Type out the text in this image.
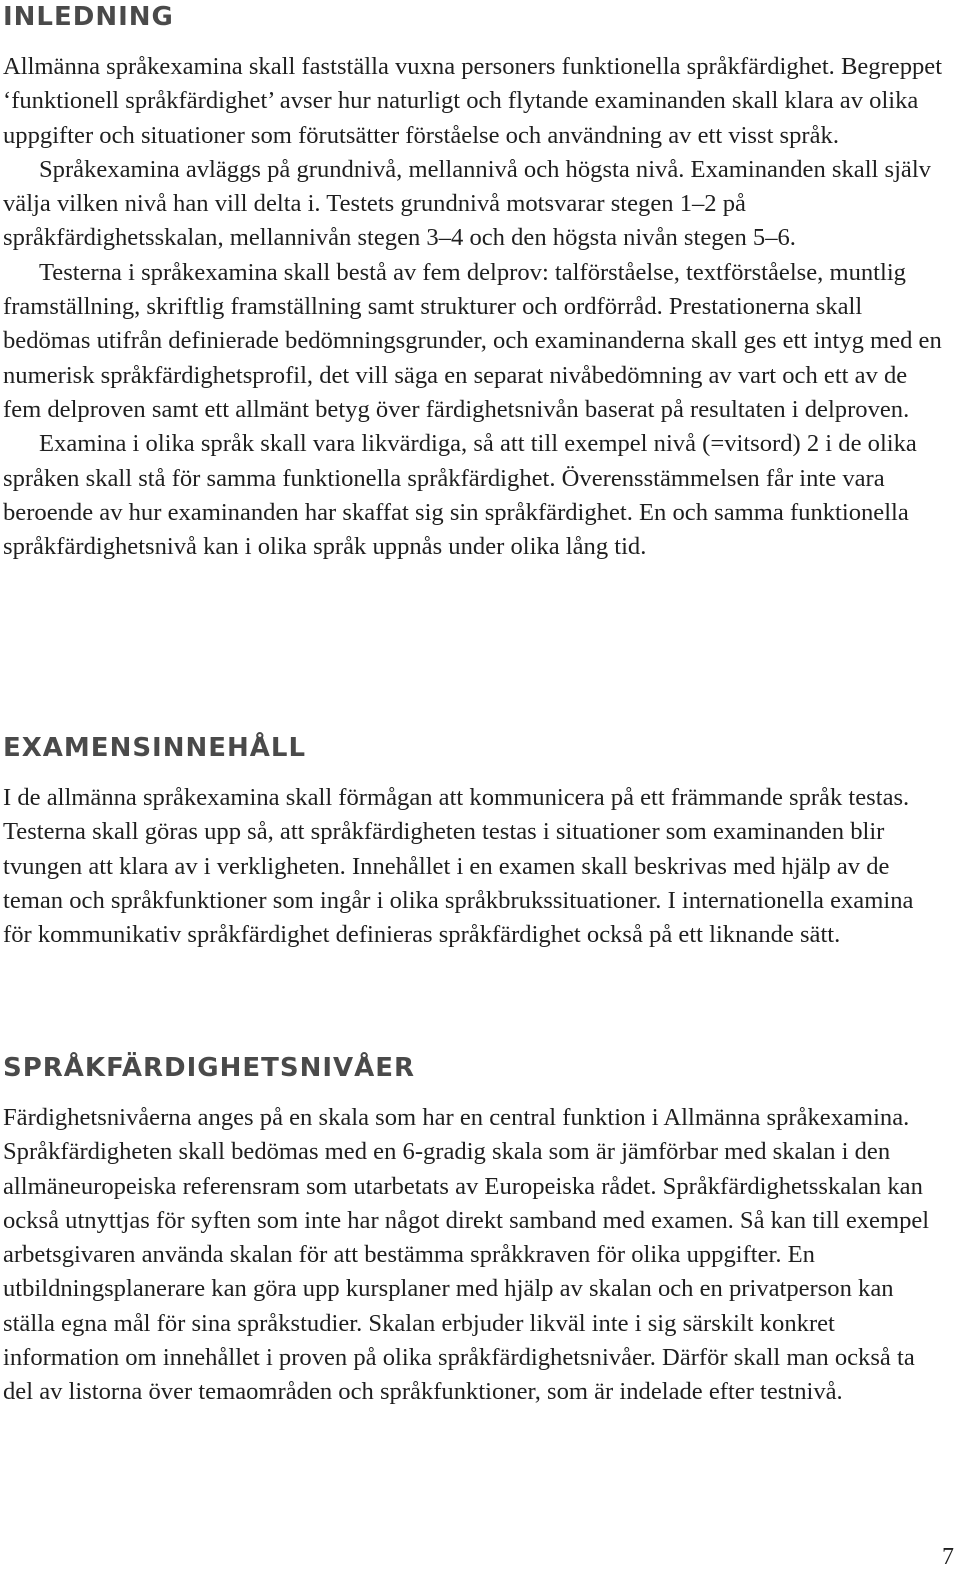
INLEDNING

Allmänna språkexamina skall fastställa vuxna personers funktionella språkfärdighet. Begreppet ‘funktionell språkfärdighet’ avser hur naturligt och flytande examinanden skall klara av olika uppgifter och situationer som förutsätter förståelse och användning av ett visst språk.

Språkexamina avläggs på grundnivå, mellannivå och högsta nivå. Examinanden skall själv välja vilken nivå han vill delta i. Testets grundnivå motsvarar stegen 1–2 på språkfärdighetsskalan, mellannivån stegen 3–4 och den högsta nivån stegen 5–6.

Testerna i språkexamina skall bestå av fem delprov: talförståelse, textförståelse, muntlig framställning, skriftlig framställning samt strukturer och ordförråd. Prestationerna skall bedömas utifrån definierade bedömningsgrunder, och examinanderna skall ges ett intyg med en numerisk språkfärdighetsprofil, det vill säga en separat nivåbedömning av vart och ett av de fem delproven samt ett allmänt betyg över färdighetsnivån baserat på resultaten i delproven.

Examina i olika språk skall vara likvärdiga, så att till exempel nivå (=vitsord) 2 i de olika språken skall stå för samma funktionella språkfärdighet. Överensstämmelsen får inte vara beroende av hur examinanden har skaffat sig sin språkfärdighet. En och samma funktionella språkfärdighetsnivå kan i olika språk uppnås under olika lång tid.

EXAMENSINNEHÅLL

I de allmänna språkexamina skall förmågan att kommunicera på ett främmande språk testas. Testerna skall göras upp så, att språkfärdigheten testas i situationer som examinanden blir tvungen att klara av i verkligheten. Innehållet i en examen skall beskrivas med hjälp av de teman och språkfunktioner som ingår i olika språkbrukssituationer. I internationella examina för kommunikativ språkfärdighet definieras språkfärdighet också på ett liknande sätt.

SPRÅKFÄRDIGHETSNIVÅER

Färdighetsnivåerna anges på en skala som har en central funktion i Allmänna språkexamina. Språkfärdigheten skall bedömas med en 6-gradig skala som är jämförbar med skalan i den allmäneuropeiska referensram som utarbetats av Europeiska rådet. Språkfärdighetsskalan kan också utnyttjas för syften som inte har något direkt samband med examen. Så kan till exempel arbetsgivaren använda skalan för att bestämma språkkraven för olika uppgifter. En utbildningsplanerare kan göra upp kursplaner med hjälp av skalan och en privatperson kan ställa egna mål för sina språkstudier. Skalan erbjuder likväl inte i sig särskilt konkret information om innehållet i proven på olika språkfärdighetsnivåer. Därför skall man också ta del av listorna över temaområden och språkfunktioner, som är indelade efter testnivå.

7
